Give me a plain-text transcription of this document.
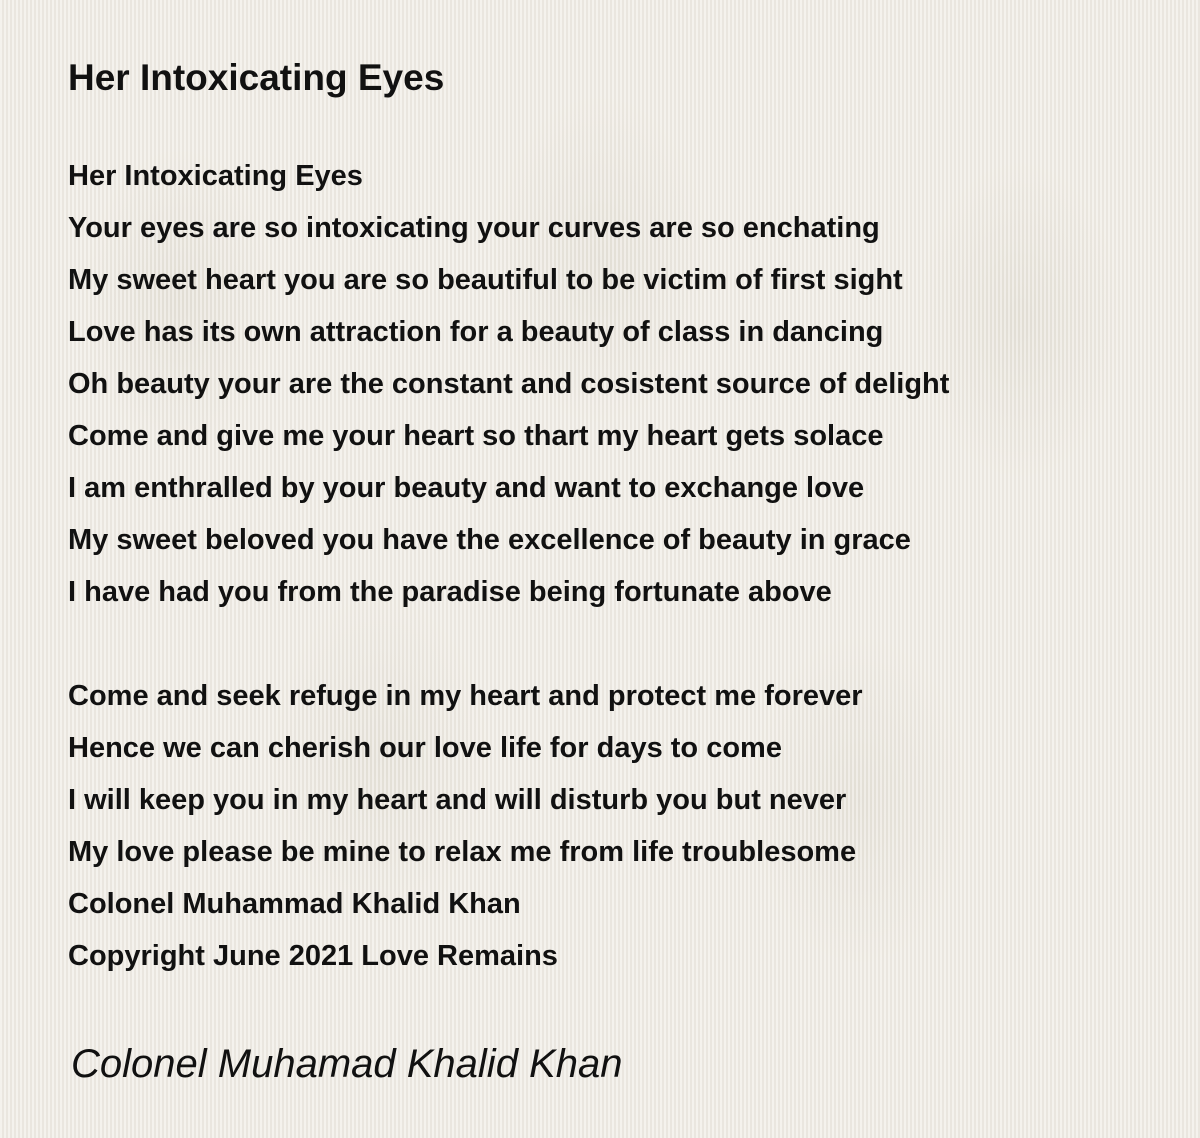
Her Intoxicating Eyes
Her Intoxicating Eyes
Your eyes are so intoxicating your curves are so enchating
My sweet heart you are so beautiful to be victim of first sight
Love has its own attraction for a beauty of class in dancing
Oh beauty your are the constant and cosistent source of delight
Come and give me your heart so thart my heart gets solace
I am enthralled by your beauty and want to exchange love
My sweet beloved you have the excellence of beauty in grace
I have had you from the paradise being fortunate above
Come and seek refuge in my heart and protect me forever
Hence we can cherish our love life for days to come
I will keep you in my heart and will disturb you but never
My love please be mine to relax me from life troublesome
Colonel Muhammad Khalid Khan
Copyright June 2021 Love Remains
Colonel Muhamad Khalid Khan
